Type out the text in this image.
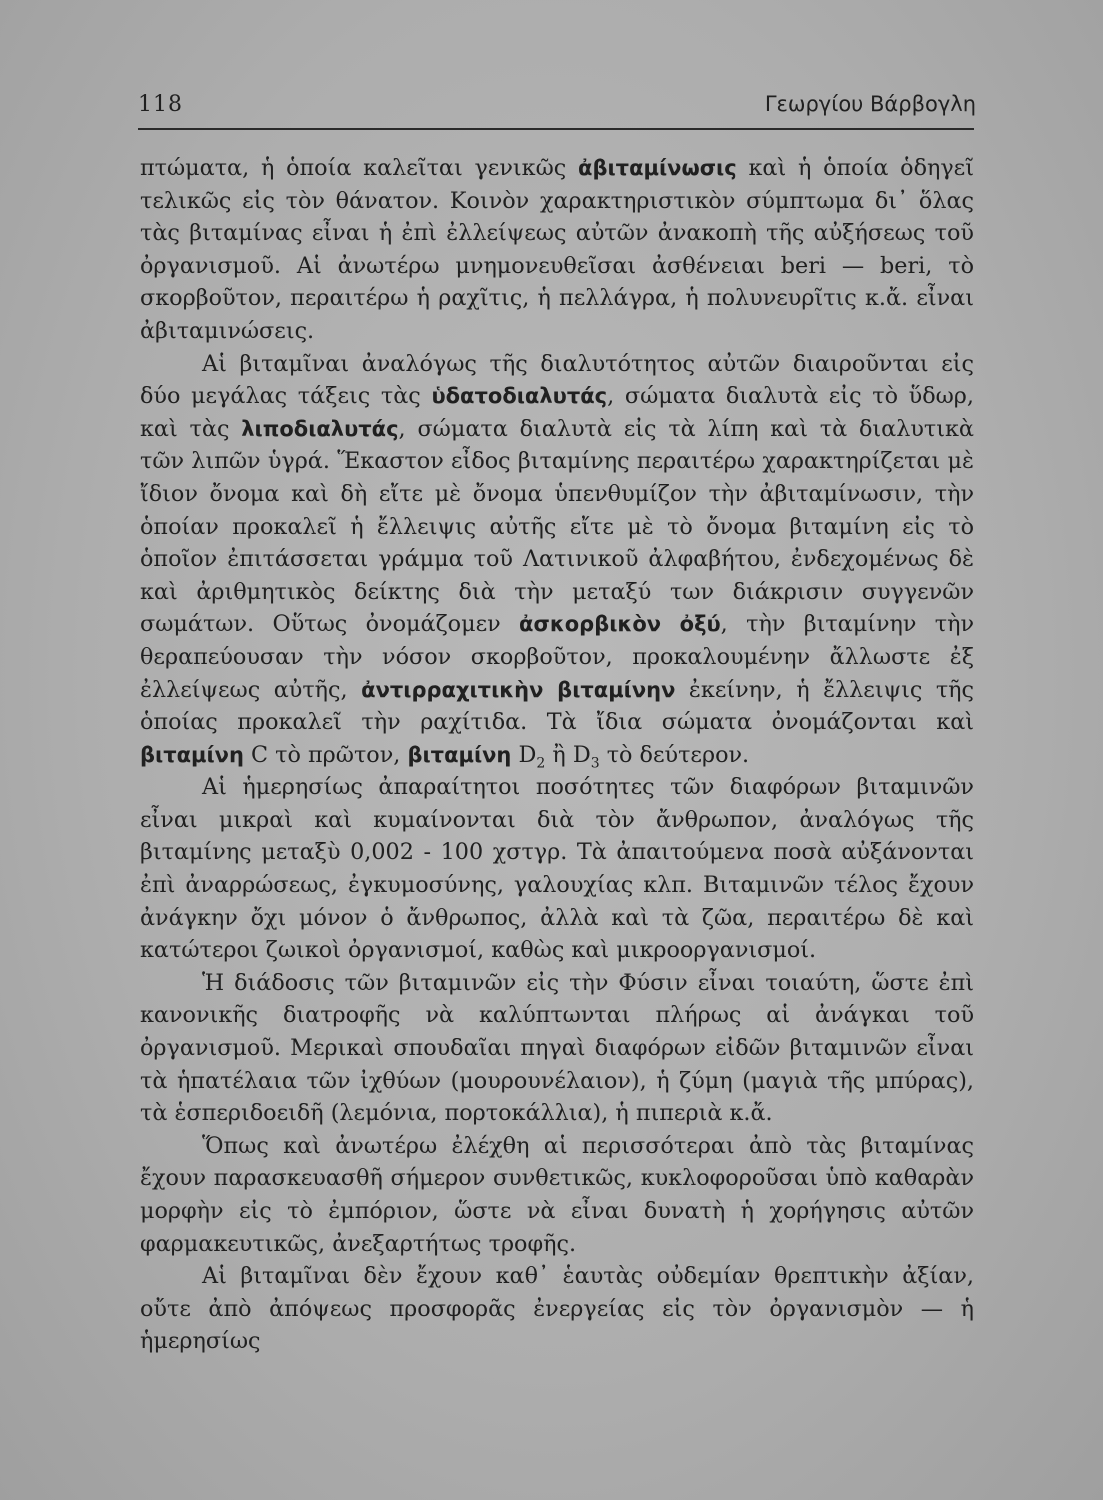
118	Γεωργίου Βάρβογλη

πτώματα, ἡ ὁποία καλεῖται γενικῶς ἀβιταμίνωσις καὶ ἡ ὁποία ὁδηγεῖ τελικῶς εἰς τὸν θάνατον. Κοινὸν χαρακτηριστικὸν σύμπτωμα δι᾽ ὅλας τὰς βιταμίνας εἶναι ἡ ἐπὶ ἐλλείψεως αὐτῶν ἀνακοπὴ τῆς αὐξήσεως τοῦ ὀργανισμοῦ. Αἱ ἀνωτέρω μνημονευθεῖσαι ἀσθένειαι beri — beri, τὸ σκορβοῦτον, περαιτέρω ἡ ραχῖτις, ἡ πελλάγρα, ἡ πολυνευρῖτις κ.ἄ. εἶναι ἀβιταμινώσεις.

Αἱ βιταμῖναι ἀναλόγως τῆς διαλυτότητος αὐτῶν διαιροῦνται εἰς δύο μεγάλας τάξεις τὰς ὑδατοδιαλυτάς, σώματα διαλυτὰ εἰς τὸ ὕδωρ, καὶ τὰς λιποδιαλυτάς, σώματα διαλυτὰ εἰς τὰ λίπη καὶ τὰ διαλυτικὰ τῶν λιπῶν ὑγρά. Ἕκαστον εἶδος βιταμίνης περαιτέρω χαρακτηρίζεται μὲ ἴδιον ὄνομα καὶ δὴ εἴτε μὲ ὄνομα ὑπενθυμίζον τὴν ἀβιταμίνωσιν, τὴν ὁποίαν προκαλεῖ ἡ ἔλλειψις αὐτῆς εἴτε μὲ τὸ ὄνομα βιταμίνη εἰς τὸ ὁποῖον ἐπιτάσσεται γράμμα τοῦ Λατινικοῦ ἀλφαβήτου, ἐνδεχομένως δὲ καὶ ἀριθμητικὸς δείκτης διὰ τὴν μεταξύ των διάκρισιν συγγενῶν σωμάτων. Οὕτως ὀνομάζομεν ἀσκορβικὸν ὀξύ, τὴν βιταμίνην τὴν θεραπεύουσαν τὴν νόσον σκορβοῦτον, προκαλουμένην ἄλλωστε ἐξ ἐλλείψεως αὐτῆς, ἀντιρραχιτικὴν βιταμίνην ἐκείνην, ἡ ἔλλειψις τῆς ὁποίας προκαλεῖ τὴν ραχίτιδα. Τὰ ἴδια σώματα ὀνομάζονται καὶ βιταμίνη C τὸ πρῶτον, βιταμίνη $D_2$ ἢ $D_3$ τὸ δεύτερον.

Αἱ ἡμερησίως ἀπαραίτητοι ποσότητες τῶν διαφόρων βιταμινῶν εἶναι μικραὶ καὶ κυμαίνονται διὰ τὸν ἄνθρωπον, ἀναλόγως τῆς βιταμίνης μεταξὺ 0,002 - 100 χστγρ. Τὰ ἀπαιτούμενα ποσὰ αὐξάνονται ἐπὶ ἀναρρώσεως, ἐγκυμοσύνης, γαλουχίας κλπ. Βιταμινῶν τέλος ἔχουν ἀνάγκην ὄχι μόνον ὁ ἄνθρωπος, ἀλλὰ καὶ τὰ ζῶα, περαιτέρω δὲ καὶ κατώτεροι ζωικοὶ ὀργανισμοί, καθὼς καὶ μικροοργανισμοί.

Ἡ διάδοσις τῶν βιταμινῶν εἰς τὴν Φύσιν εἶναι τοιαύτη, ὥστε ἐπὶ κανονικῆς διατροφῆς νὰ καλύπτωνται πλήρως αἱ ἀνάγκαι τοῦ ὀργανισμοῦ. Μερικαὶ σπουδαῖαι πηγαὶ διαφόρων εἰδῶν βιταμινῶν εἶναι τὰ ἡπατέλαια τῶν ἰχθύων (μουρουνέλαιον), ἡ ζύμη (μαγιὰ τῆς μπύρας), τὰ ἑσπεριδοειδῆ (λεμόνια, πορτοκάλλια), ἡ πιπεριὰ κ.ἄ.

Ὅπως καὶ ἀνωτέρω ἐλέχθη αἱ περισσότεραι ἀπὸ τὰς βιταμίνας ἔχουν παρασκευασθῆ σήμερον συνθετικῶς, κυκλοφοροῦσαι ὑπὸ καθαρὰν μορφὴν εἰς τὸ ἐμπόριον, ὥστε νὰ εἶναι δυνατὴ ἡ χορήγησις αὐτῶν φαρμακευτικῶς, ἀνεξαρτήτως τροφῆς.

Αἱ βιταμῖναι δὲν ἔχουν καθ᾽ ἑαυτὰς οὐδεμίαν θρεπτικὴν ἀξίαν, οὔτε ἀπὸ ἀπόψεως προσφορᾶς ἐνεργείας εἰς τὸν ὀργανισμὸν — ἡ ἡμερησίως
